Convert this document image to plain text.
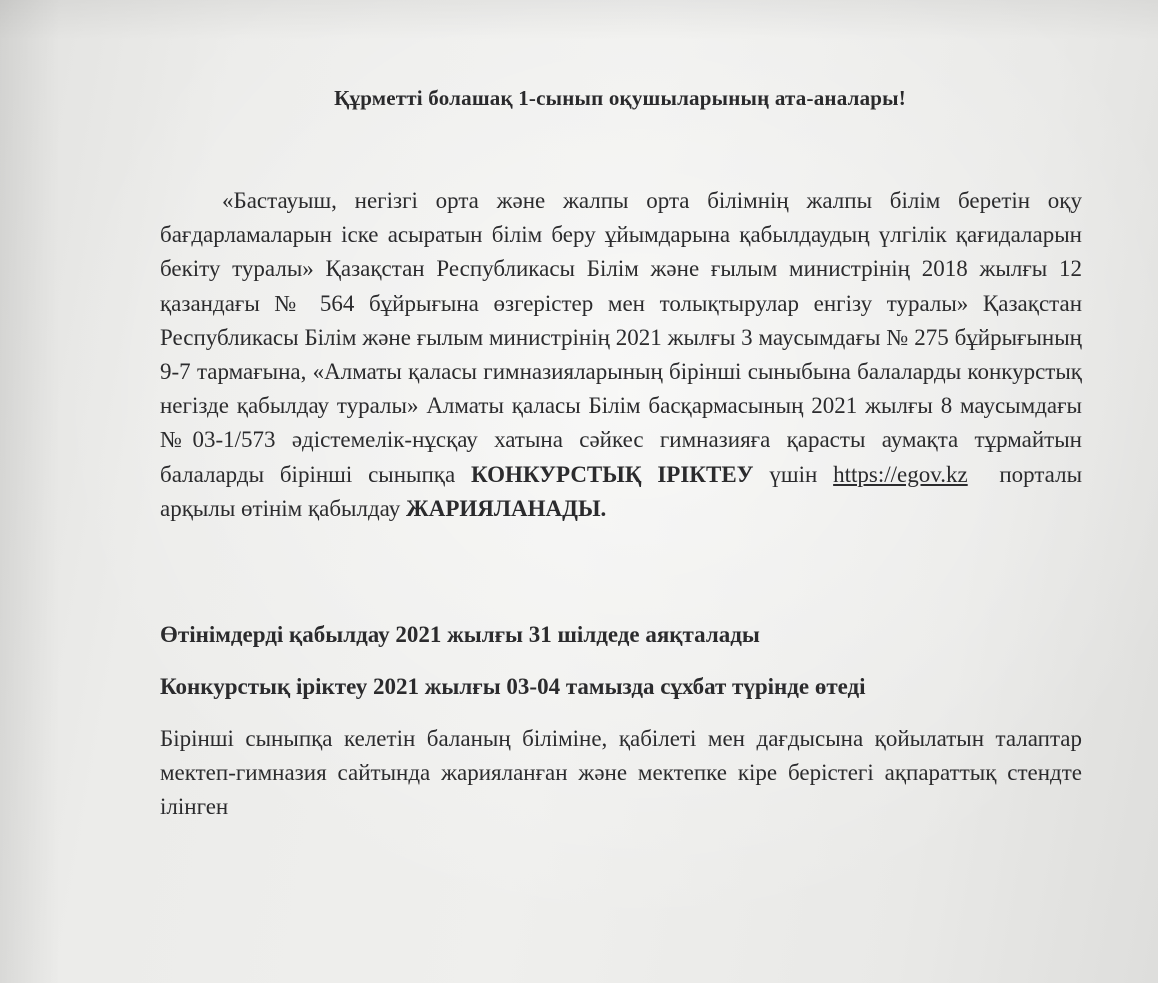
Құрметті болашақ 1-сынып оқушыларының ата-аналары!

«Бастауыш, негізгі орта және жалпы орта білімнің жалпы білім беретін оқу бағдарламаларын іске асыратын білім беру ұйымдарына қабылдаудың үлгілік қағидаларын бекіту туралы» Қазақстан Республикасы Білім және ғылым министрінің 2018 жылғы 12 қазандағы № 564 бұйрығына өзгерістер мен толықтырулар енгізу туралы» Қазақстан Республикасы Білім және ғылым министрінің 2021 жылғы 3 маусымдағы № 275 бұйрығының 9-7 тармағына, «Алматы қаласы гимназияларының бірінші сыныбына балаларды конкурстық негізде қабылдау туралы» Алматы қаласы Білім басқармасының 2021 жылғы 8 маусымдағы №03-1/573 әдістемелік-нұсқау хатына сәйкес гимназияға қарасты аумақта тұрмайтын балаларды бірінші сыныпқа КОНКУРСТЫҚ ІРІКТЕУ үшін https://egov.kz порталы арқылы өтінім қабылдау ЖАРИЯЛАНАДЫ.

Өтінімдерді қабылдау 2021 жылғы 31 шілдеде аяқталады

Конкурстық іріктеу 2021 жылғы 03-04 тамызда сұхбат түрінде өтеді

Бірінші сыныпқа келетін баланың біліміне, қабілеті мен дағдысына қойылатын талаптар мектеп-гимназия сайтында жарияланған және мектепке кіре берістегі ақпараттық стендте ілінген
